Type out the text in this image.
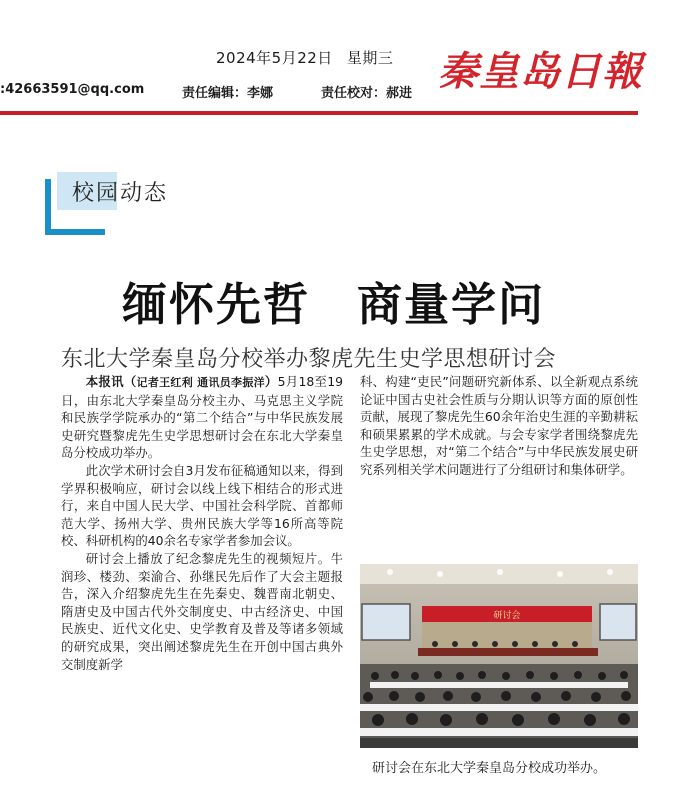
2024年5月22日 星期三
:42663591@qq.com	责任编辑：李娜	责任校对：郝进 秦皇岛日報
校园动态
缅怀先哲　商量学问
东北大学秦皇岛分校举办黎虎先生史学思想研讨会

本报讯（记者王红利 通讯员李振洋）5月18至19日，由东北大学秦皇岛分校主办、马克思主义学院和民族学学院承办的“第二个结合”与中华民族发展史研究暨黎虎先生史学思想研讨会在东北大学秦皇岛分校成功举办。

此次学术研讨会自3月发布征稿通知以来，得到学界积极响应，研讨会以线上线下相结合的形式进行，来自中国人民大学、中国社会科学院、首都师范大学、扬州大学、贵州民族大学等16所高等院校、科研机构的40余名专家学者参加会议。

研讨会上播放了纪念黎虎先生的视频短片。牛润珍、楼劲、栾渝合、孙继民先后作了大会主题报告，深入介绍黎虎先生在先秦史、魏晋南北朝史、隋唐史及中国古代外交制度史、中古经济史、中国民族史、近代文化史、史学教育及普及等诸多领域的研究成果，突出阐述黎虎先生在开创中国古典外交制度新学

科、构建“吏民”问题研究新体系、以全新观点系统论证中国古史社会性质与分期认识等方面的原创性贡献，展现了黎虎先生60余年治史生涯的辛勤耕耘和硕果累累的学术成就。与会专家学者围绕黎虎先生史学思想，对“第二个结合”与中华民族发展史研究系列相关学术问题进行了分组研讨和集体研学。

研讨会
研讨会在东北大学秦皇岛分校成功举办。
